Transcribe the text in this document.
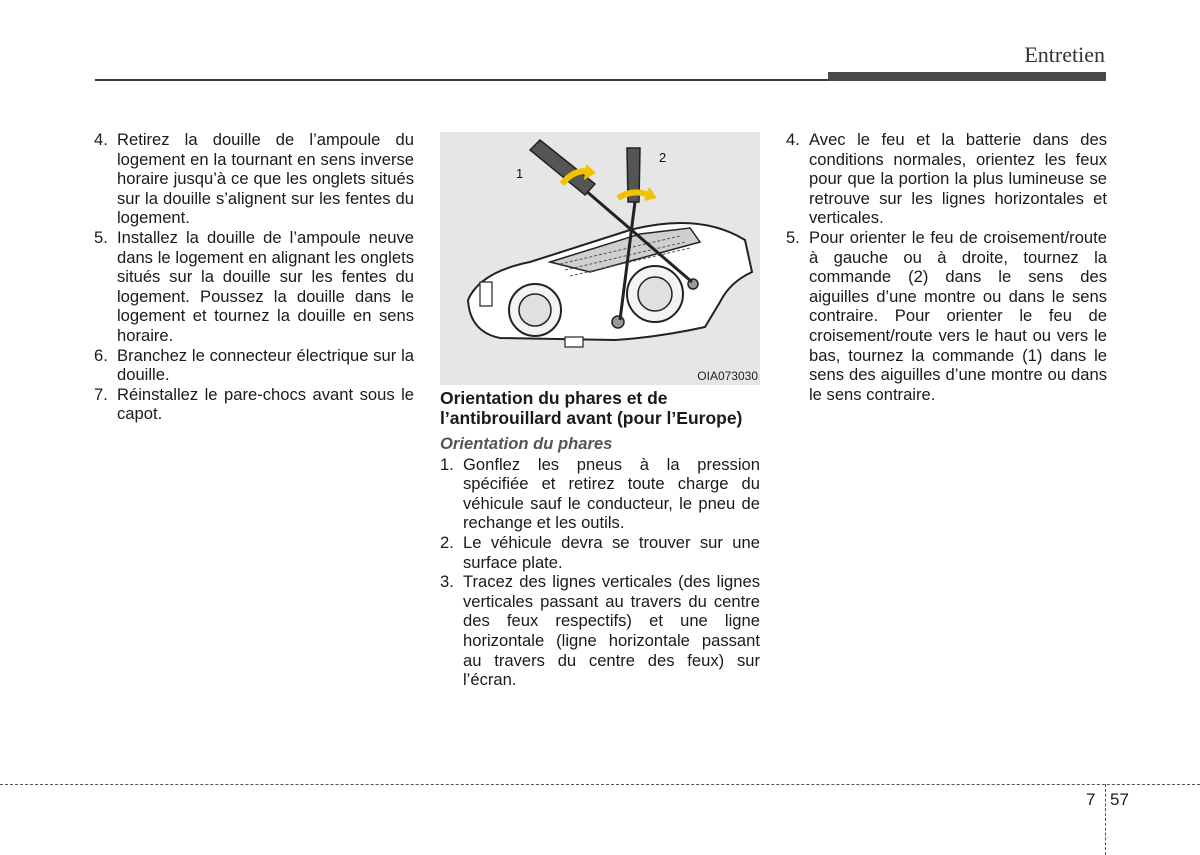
Entretien
4. Retirez la douille de l’ampoule du logement en la tournant en sens inverse horaire jusqu’à ce que les onglets situés sur la douille s’alignent sur les fentes du logement.
5. Installez la douille de l’ampoule neuve dans le logement en alignant les onglets situés sur la douille sur les fentes du logement. Poussez la douille dans le logement et tournez la douille en sens horaire.
6. Branchez le connecteur électrique sur la douille.
7. Réinstallez le pare-chocs avant sous le capot.
1
2
OIA073030
Orientation du phares et de l’antibrouillard avant (pour l’Europe)
Orientation du phares
1. Gonflez les pneus à la pression spécifiée et retirez toute charge du véhicule sauf le conducteur, le pneu de rechange et les outils.
2. Le véhicule devra se trouver sur une surface plate.
3. Tracez des lignes verticales (des lignes verticales passant au travers du centre des feux respectifs) et une ligne horizontale (ligne horizontale passant au travers du centre des feux) sur l’écran.
4. Avec le feu et la batterie dans des conditions normales, orientez les feux pour que la portion la plus lumineuse se retrouve sur les lignes horizontales et verticales.
5. Pour orienter le feu de croisement/route à gauche ou à droite, tournez la commande (2) dans le sens des aiguilles d’une montre ou dans le sens contraire. Pour orienter le feu de croisement/route vers le haut ou vers le bas, tournez la commande (1) dans le sens des aiguilles d’une montre ou dans le sens contraire.
7 57
